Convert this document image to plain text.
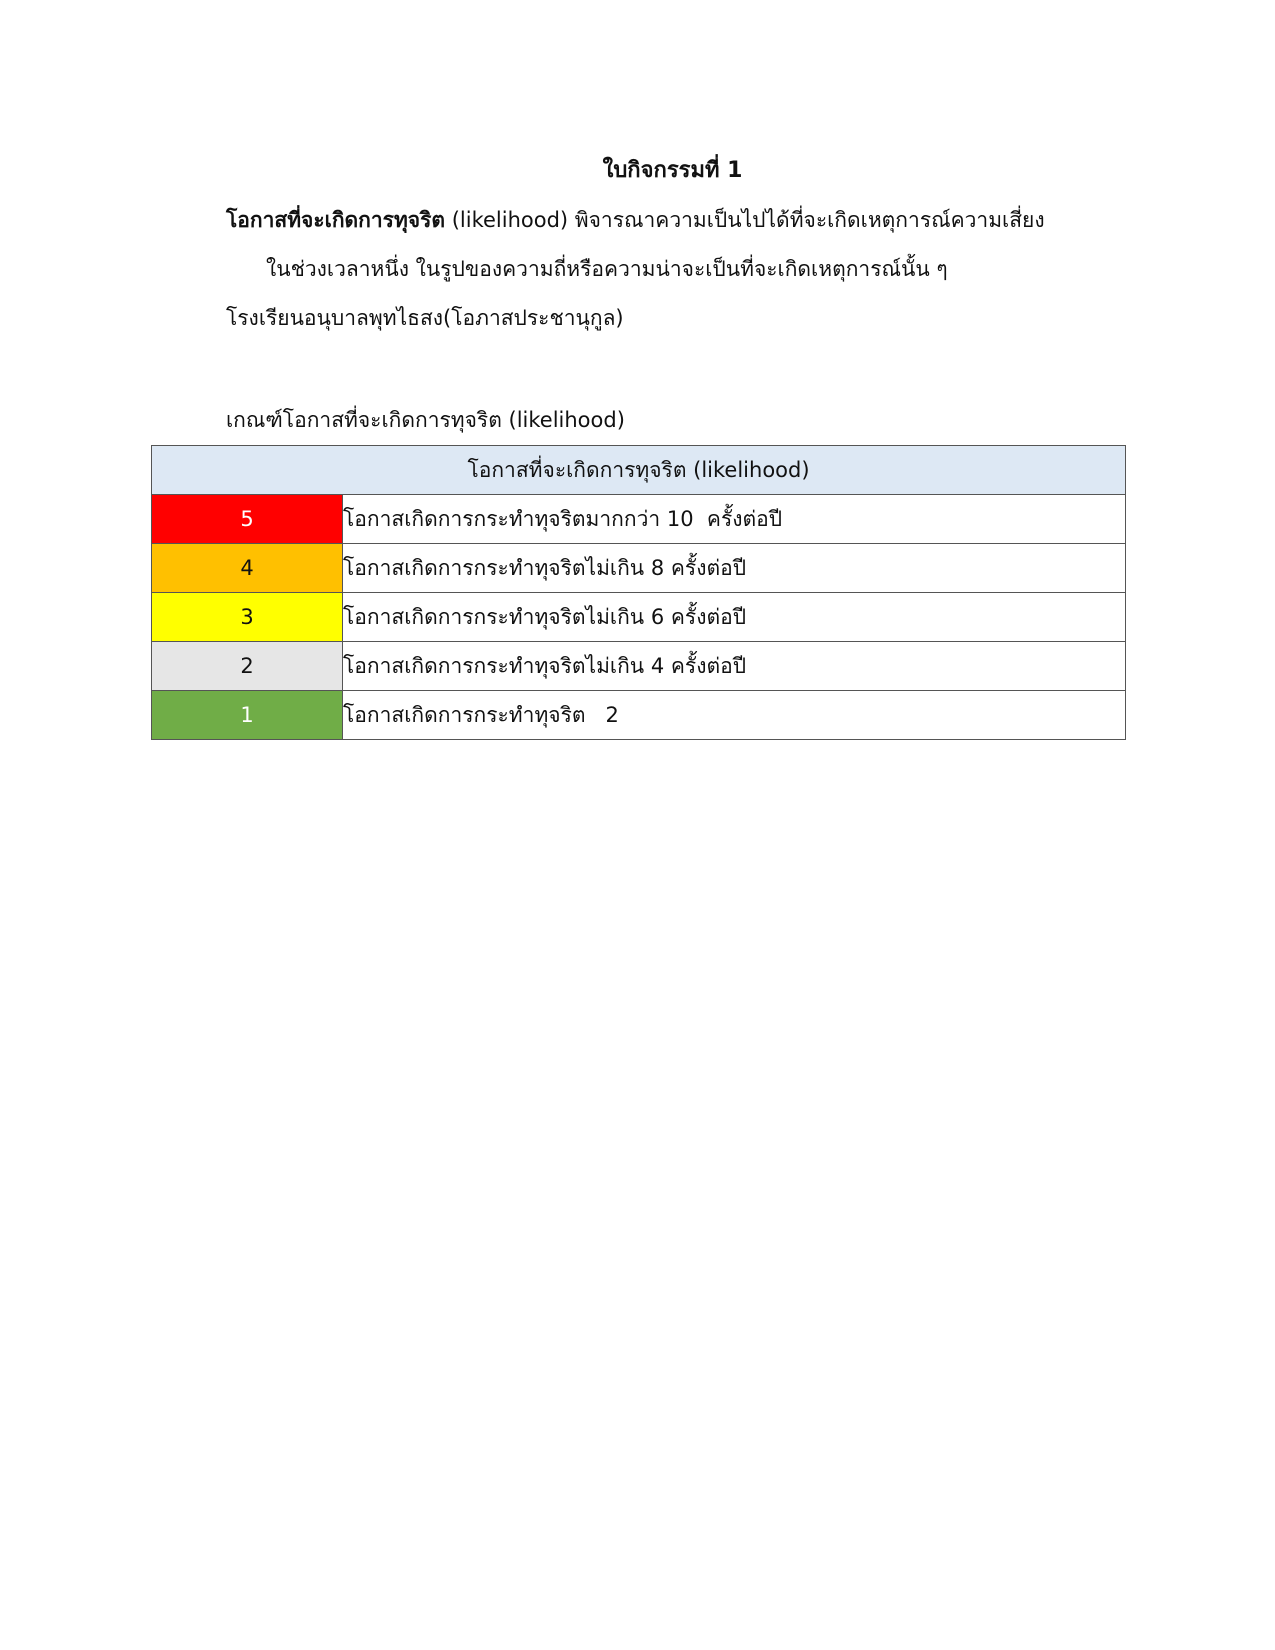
ใบกิจกรรมที่ 1
โอกาสที่จะเกิดการทุจริต (likelihood) พิจารณาความเป็นไปได้ที่จะเกิดเหตุการณ์ความเสี่ยง
ในช่วงเวลาหนึ่ง ในรูปของความถี่หรือความน่าจะเป็นที่จะเกิดเหตุการณ์นั้น ๆ
โรงเรียนอนุบาลพุทไธสง(โอภาสประชานุกูล)
เกณฑ์โอกาสที่จะเกิดการทุจริต (likelihood)
โอกาสที่จะเกิดการทุจริต (likelihood)	
5	โอกาสเกิดการกระทำทุจริตมากกว่า 10  ครั้งต่อปี
4	โอกาสเกิดการกระทำทุจริตไม่เกิน 8 ครั้งต่อปี
3	โอกาสเกิดการกระทำทุจริตไม่เกิน 6 ครั้งต่อปี
2	โอกาสเกิดการกระทำทุจริตไม่เกิน 4 ครั้งต่อปี
1	โอกาสเกิดการกระทำทุจริต   2
